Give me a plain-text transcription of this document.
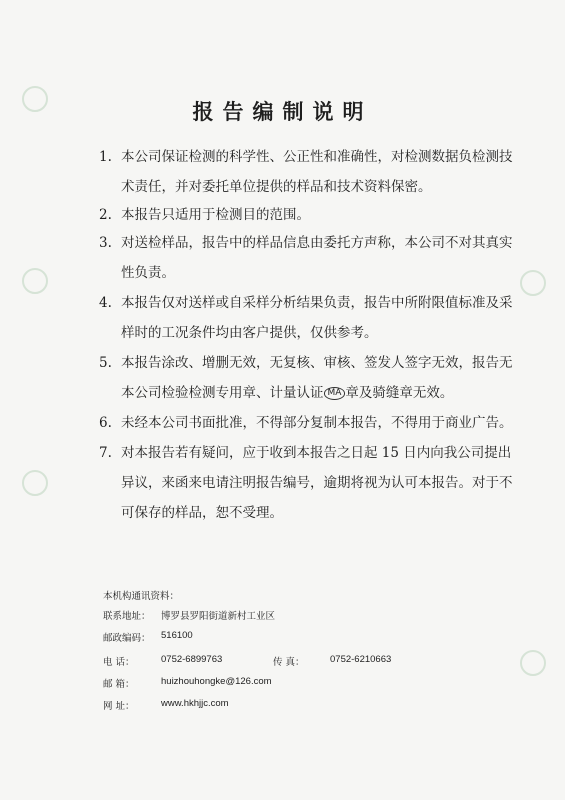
报告编制说明
1. 本公司保证检测的科学性、公正性和准确性，对检测数据负检测技
术责任，并对委托单位提供的样品和技术资料保密。
2. 本报告只适用于检测目的范围。
3. 对送检样品，报告中的样品信息由委托方声称，本公司不对其真实
性负责。
4. 本报告仅对送样或自采样分析结果负责，报告中所附限值标准及采
样时的工况条件均由客户提供，仅供参考。
5. 本报告涂改、增删无效，无复核、审核、签发人签字无效，报告无
本公司检验检测专用章、计量认证 MA 章及骑缝章无效。
6. 未经本公司书面批准，不得部分复制本报告，不得用于商业广告。
7. 对本报告若有疑问，应于收到本报告之日起 15 日内向我公司提出
异议，来函来电请注明报告编号，逾期将视为认可本报告。对于不
可保存的样品，恕不受理。
本机构通讯资料：
联系地址： 博罗县罗阳街道新村工业区
邮政编码： 516100
电 话：	0752-6899763	传 真：	0752-6210663
邮 箱：	huizhouhongke@126.com
网 址：	www.hkhjjc.com
